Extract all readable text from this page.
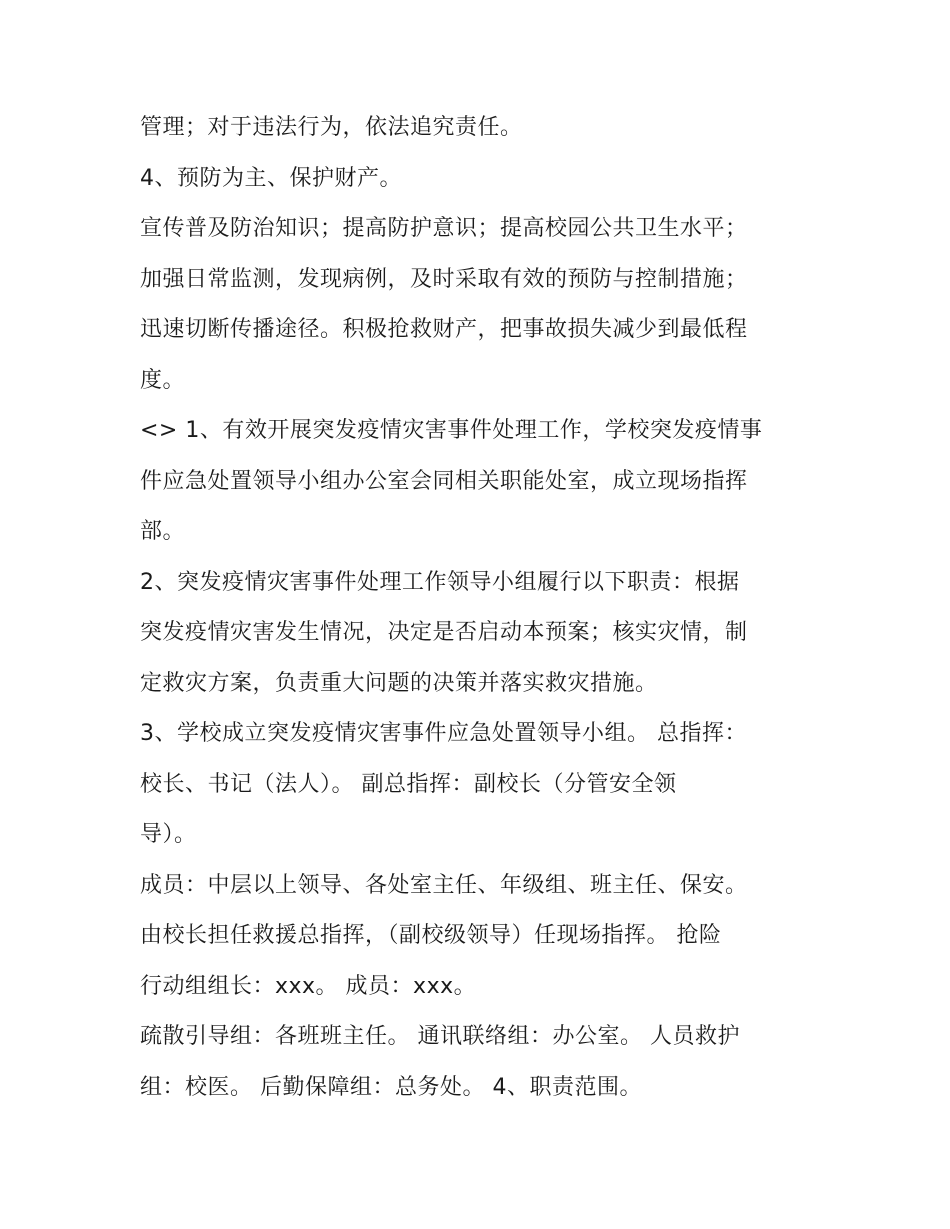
管理；对于违法行为，依法追究责任。
4、预防为主、保护财产。
宣传普及防治知识；提高防护意识；提高校园公共卫生水平；
加强日常监测，发现病例，及时采取有效的预防与控制措施；
迅速切断传播途径。积极抢救财产，把事故损失减少到最低程
度。
<> 1、有效开展突发疫情灾害事件处理工作，学校突发疫情事
件应急处置领导小组办公室会同相关职能处室，成立现场指挥
部。
2、突发疫情灾害事件处理工作领导小组履行以下职责：根据
突发疫情灾害发生情况，决定是否启动本预案；核实灾情，制
定救灾方案，负责重大问题的决策并落实救灾措施。
3、学校成立突发疫情灾害事件应急处置领导小组。 总指挥：
校长、书记（法人）。 副总指挥：副校长（分管安全领
导）。
成员：中层以上领导、各处室主任、年级组、班主任、保安。
由校长担任救援总指挥，（副校级领导）任现场指挥。 抢险
行动组组长：xxx。 成员：xxx。
疏散引导组：各班班主任。 通讯联络组：办公室。 人员救护
组：校医。 后勤保障组：总务处。 4、职责范围。
